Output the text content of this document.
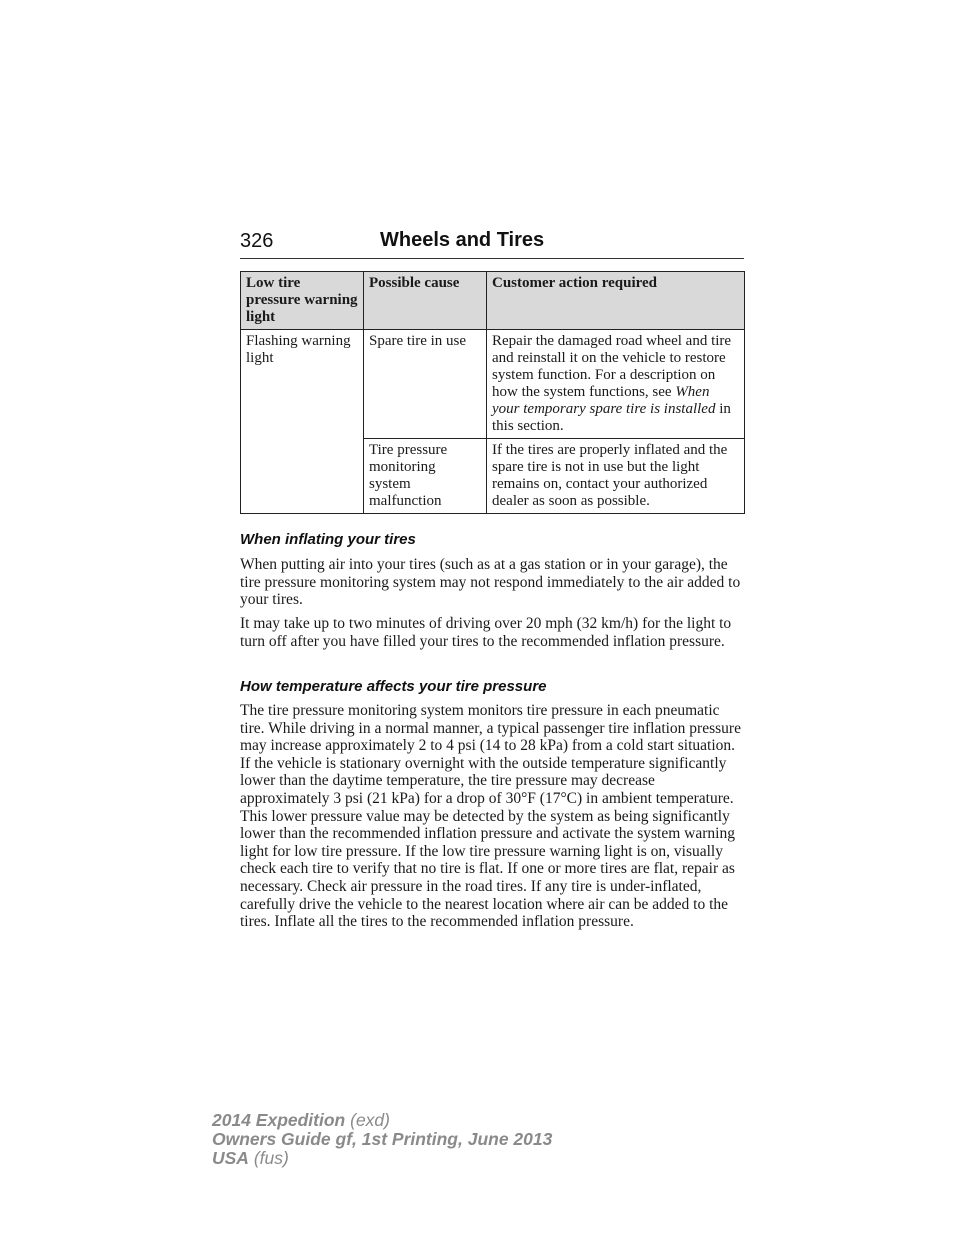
326	Wheels and Tires
Low tire pressure warning light	Possible cause	Customer action required
Flashing warning light	Spare tire in use	Repair the damaged road wheel and tire and reinstall it on the vehicle to restore system function. For a description on how the system functions, see When your temporary spare tire is installed in this section.
	Tire pressure monitoring system malfunction	If the tires are properly inflated and the spare tire is not in use but the light remains on, contact your authorized dealer as soon as possible.
When inflating your tires
When putting air into your tires (such as at a gas station or in your garage), the tire pressure monitoring system may not respond immediately to the air added to your tires.
It may take up to two minutes of driving over 20 mph (32 km/h) for the light to turn off after you have filled your tires to the recommended inflation pressure.
How temperature affects your tire pressure
The tire pressure monitoring system monitors tire pressure in each pneumatic tire. While driving in a normal manner, a typical passenger tire inflation pressure may increase approximately 2 to 4 psi (14 to 28 kPa) from a cold start situation. If the vehicle is stationary overnight with the outside temperature significantly lower than the daytime temperature, the tire pressure may decrease approximately 3 psi (21 kPa) for a drop of 30°F (17°C) in ambient temperature. This lower pressure value may be detected by the system as being significantly lower than the recommended inflation pressure and activate the system warning light for low tire pressure. If the low tire pressure warning light is on, visually check each tire to verify that no tire is flat. If one or more tires are flat, repair as necessary. Check air pressure in the road tires. If any tire is under-inflated, carefully drive the vehicle to the nearest location where air can be added to the tires. Inflate all the tires to the recommended inflation pressure.
2014 Expedition (exd)
Owners Guide gf, 1st Printing, June 2013
USA (fus)
